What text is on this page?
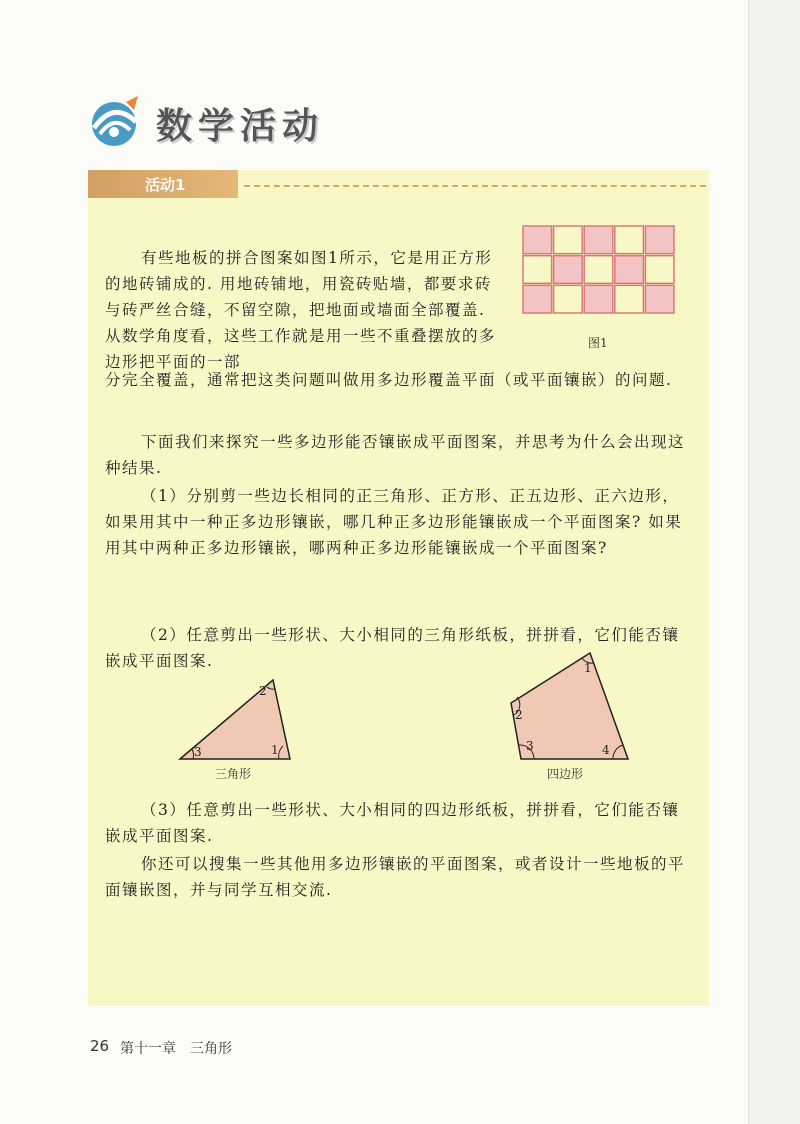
数学活动
活动1

有些地板的拼合图案如图1所示，它是用正方形的地砖铺成的. 用地砖铺地，用瓷砖贴墙，都要求砖与砖严丝合缝，不留空隙，把地面或墙面全部覆盖. 从数学角度看，这些工作就是用一些不重叠摆放的多边形把平面的一部

图1

分完全覆盖，通常把这类问题叫做用多边形覆盖平面（或平面镶嵌）的问题.

下面我们来探究一些多边形能否镶嵌成平面图案，并思考为什么会出现这种结果.

（1）分别剪一些边长相同的正三角形、正方形、正五边形、正六边形，如果用其中一种正多边形镶嵌，哪几种正多边形能镶嵌成一个平面图案? 如果用其中两种正多边形镶嵌，哪两种正多边形能镶嵌成一个平面图案?

（2）任意剪出一些形状、大小相同的三角形纸板，拼拼看，它们能否镶嵌成平面图案.

1
2
3
三角形
1
2
3	4
四边形

（3）任意剪出一些形状、大小相同的四边形纸板，拼拼看，它们能否镶嵌成平面图案.

你还可以搜集一些其他用多边形镶嵌的平面图案，或者设计一些地板的平面镶嵌图，并与同学互相交流.

26 第十一章　三角形
